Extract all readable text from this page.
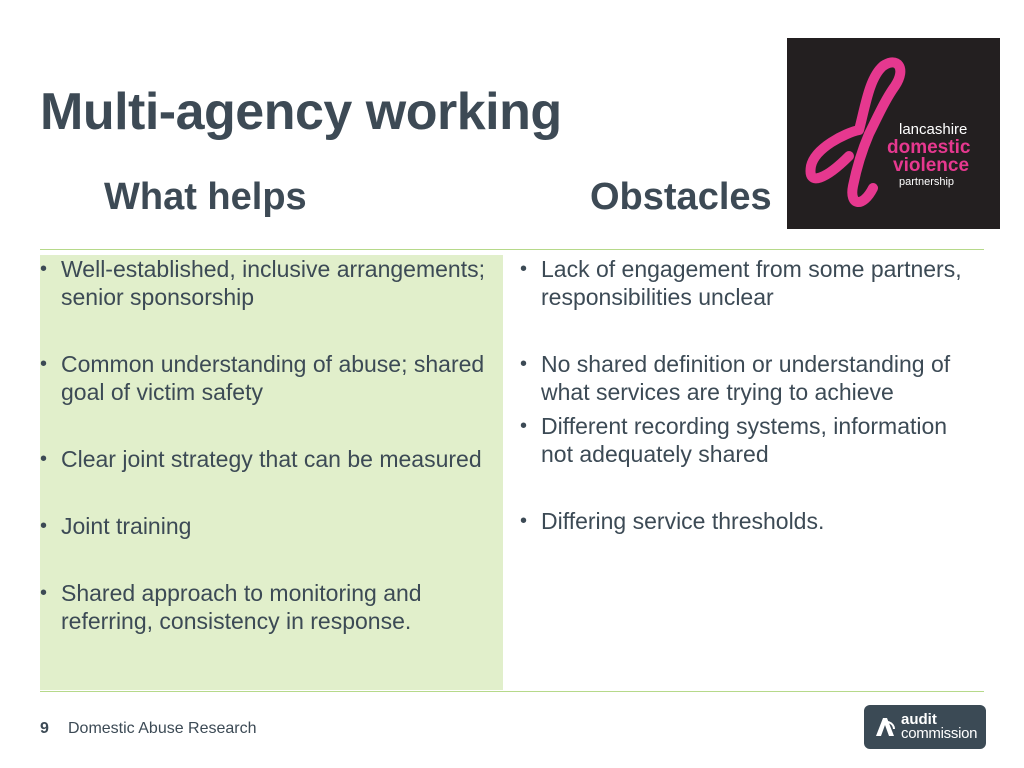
Multi-agency working
What helps	Obstacles
lancashire
domestic
violence
partnership
• Well-established, inclusive arrangements; senior sponsorship
• Common understanding of abuse; shared goal of victim safety
• Clear joint strategy that can be measured
• Joint training
• Shared approach to monitoring and referring, consistency in response.
• Lack of engagement from some partners, responsibilities unclear
• No shared definition or understanding of what services are trying to achieve
• Different recording systems, information not adequately shared
• Differing service thresholds.
9 Domestic Abuse Research
audit
commission
